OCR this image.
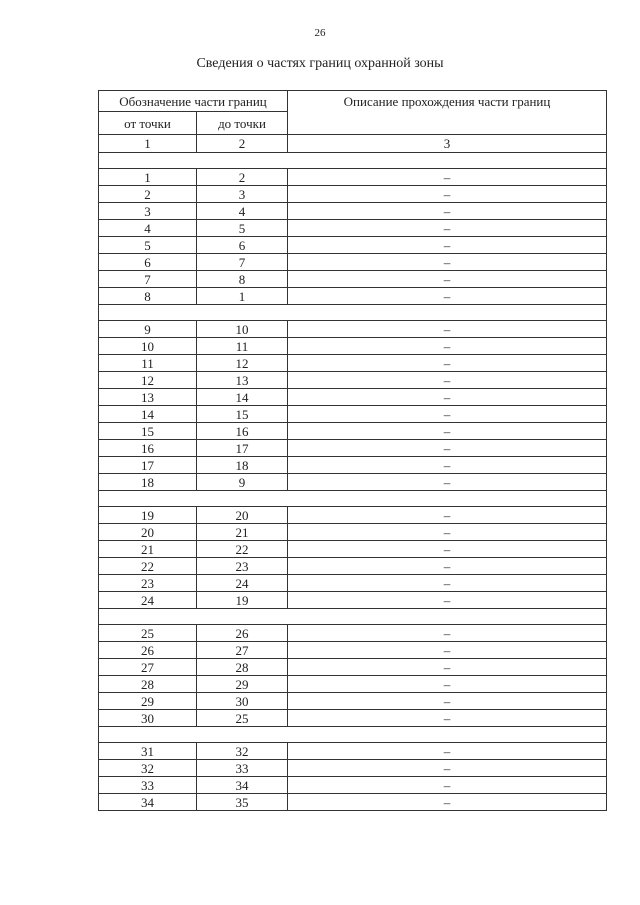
26
Сведения о частях границ охранной зоны
Обозначение части границ		Описание прохождения части границ
от точки	до точки	
1	2	3

1	2	–
2	3	–
3	4	–
4	5	–
5	6	–
6	7	–
7	8	–
8	1	–

9	10	–
10	11	–
11	12	–
12	13	–
13	14	–
14	15	–
15	16	–
16	17	–
17	18	–
18	9	–

19	20	–
20	21	–
21	22	–
22	23	–
23	24	–
24	19	–

25	26	–
26	27	–
27	28	–
28	29	–
29	30	–
30	25	–

31	32	–
32	33	–
33	34	–
34	35	–
